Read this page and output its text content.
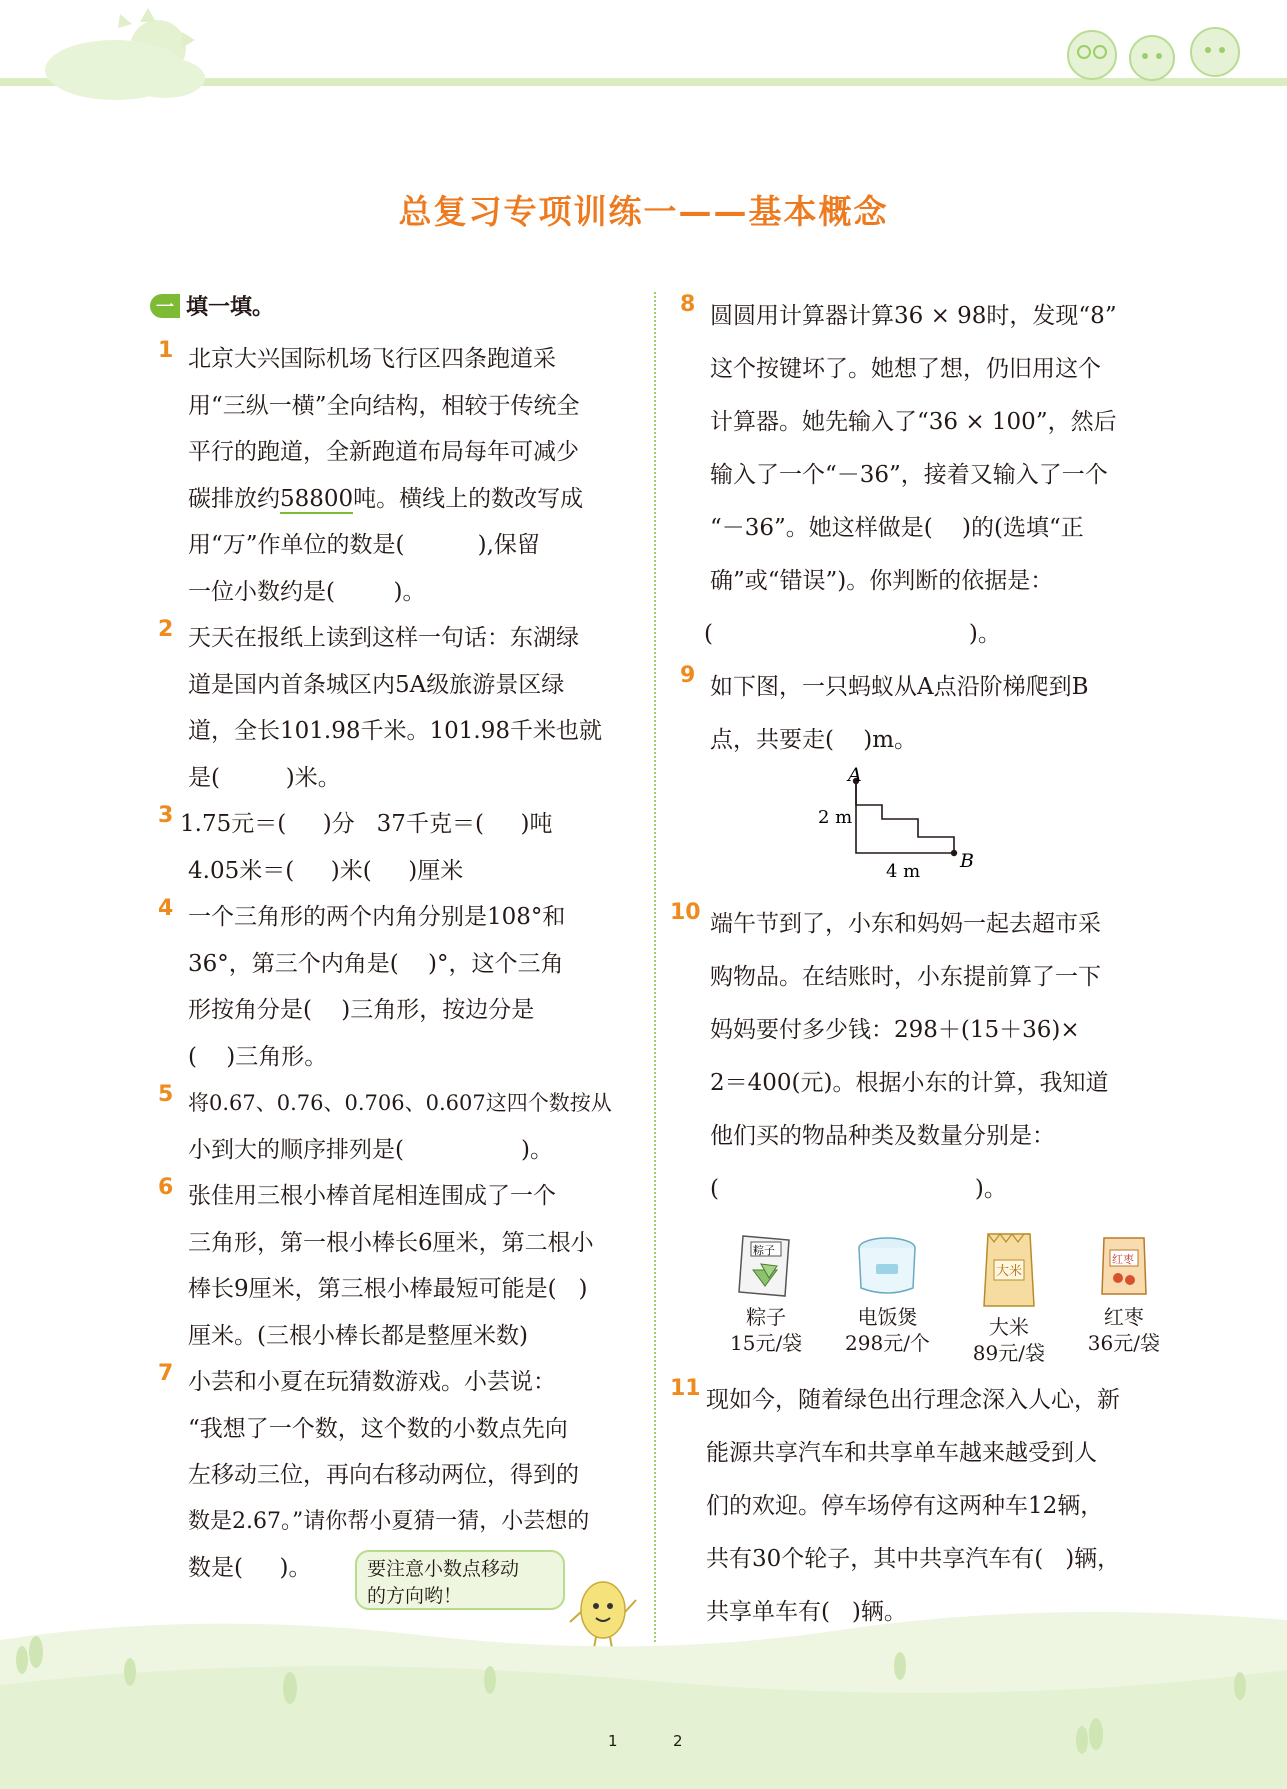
总复习专项训练一——基本概念
一 填一填。
1 北京大兴国际机场飞行区四条跑道采
用“三纵一横”全向结构，相较于传统全
平行的跑道，全新跑道布局每年可减少
碳排放约58800吨。横线上的数改写成
用“万”作单位的数是(	),保留
一位小数约是(	)。
2 天天在报纸上读到这样一句话：东湖绿
道是国内首条城区内5A级旅游景区绿
道，全长101.98千米。101.98千米也就
是(	)米。
3 1.75元＝( )分 37千克＝( )吨
4.05米＝( )米( )厘米
4 一个三角形的两个内角分别是108°和
36°，第三个内角是( )°，这个三角
形按角分是( )三角形，按边分是
( )三角形。
5 将0.67、0.76、0.706、0.607这四个数按从
小到大的顺序排列是(	)。
6 张佳用三根小棒首尾相连围成了一个
三角形，第一根小棒长6厘米，第二根小
棒长9厘米，第三根小棒最短可能是( )
厘米。(三根小棒长都是整厘米数)
7 小芸和小夏在玩猜数游戏。小芸说：
“我想了一个数，这个数的小数点先向
左移动三位，再向右移动两位，得到的
数是2.67。”请你帮小夏猜一猜，小芸想的
数是( )。	要注意小数点移动
的方向哟！
8 圆圆用计算器计算36 × 98时，发现“8”
这个按键坏了。她想了想，仍旧用这个
计算器。她先输入了“36 × 100”，然后
输入了一个“－36”，接着又输入了一个
“－36”。她这样做是( )的(选填“正
确”或“错误”)。你判断的依据是：
(	)。
9 如下图，一只蚂蚁从A点沿阶梯爬到B
点，共要走( )m。
A
B
2 m
4 m
10 端午节到了，小东和妈妈一起去超市采
购物品。在结账时，小东提前算了一下
妈妈要付多少钱：298＋(15＋36)×
2＝400(元)。根据小东的计算，我知道
他们买的物品种类及数量分别是：
(	)。
粽子
粽子
15元/袋
电饭煲
298元/个
大米
大米
89元/袋
红枣
红枣
36元/袋
11 现如今，随着绿色出行理念深入人心，新
能源共享汽车和共享单车越来越受到人
们的欢迎。停车场停有这两种车12辆，
共有30个轮子，其中共享汽车有( )辆，
共享单车有( )辆。
1	2
